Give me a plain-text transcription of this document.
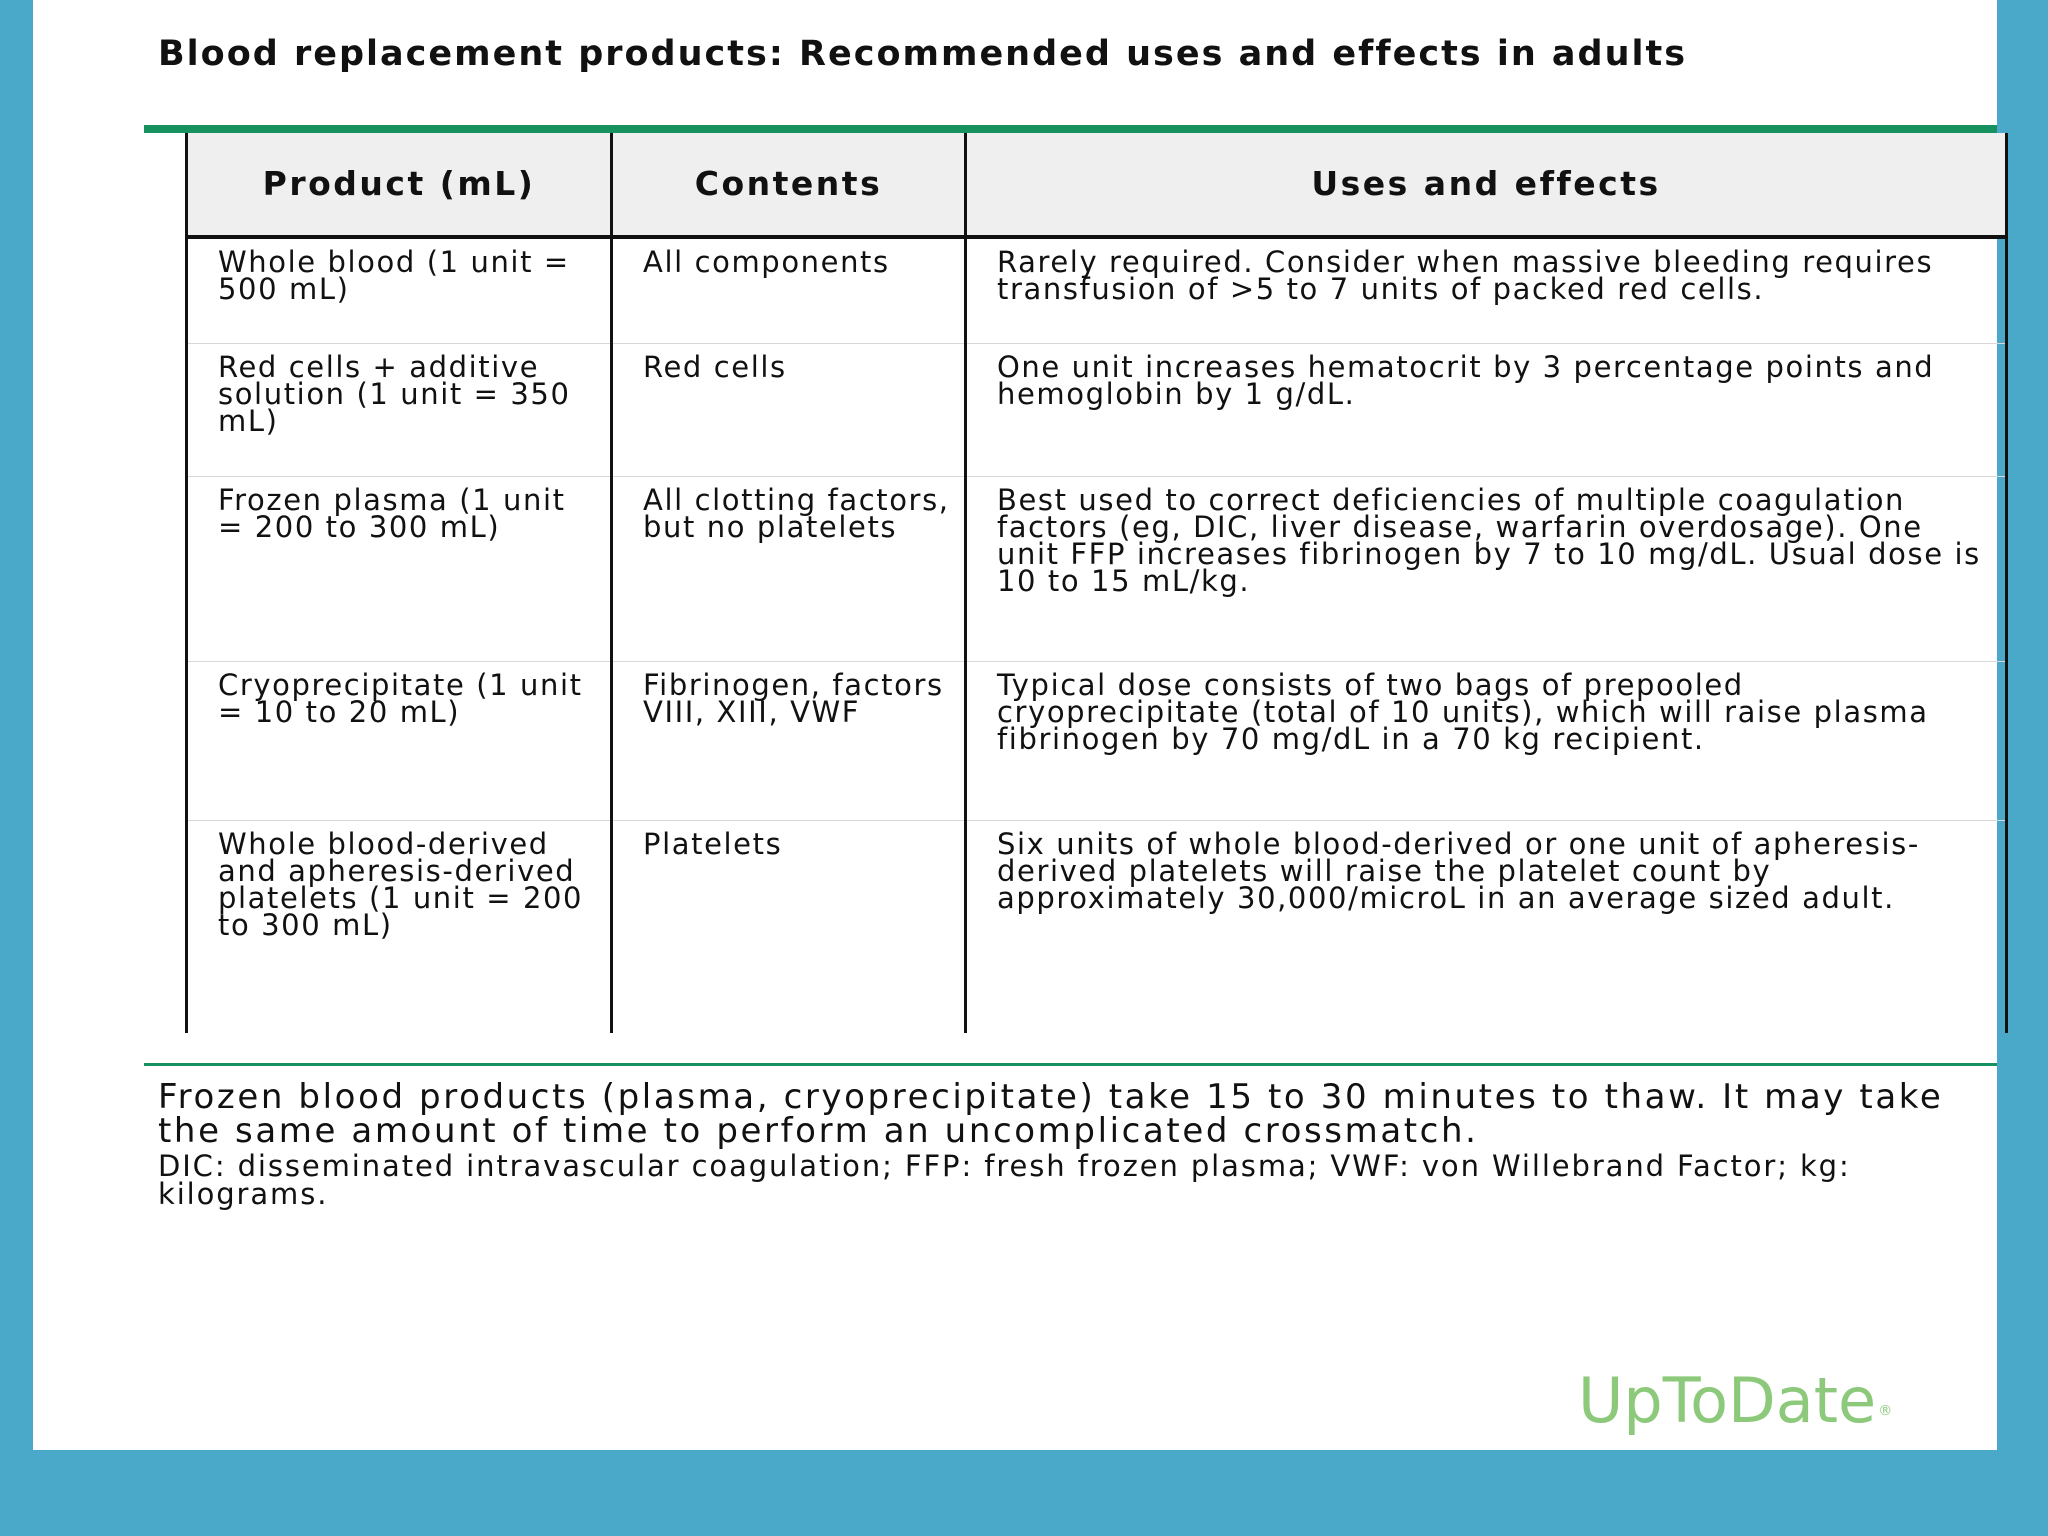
Blood replacement products: Recommended uses and effects in adults
Product (mL)	Contents	Uses and effects
Whole blood (1 unit = 500 mL)	All components	Rarely required. Consider when massive bleeding requires transfusion of >5 to 7 units of packed red cells.
Red cells + additive solution (1 unit = 350 mL)	Red cells	One unit increases hematocrit by 3 percentage points and hemoglobin by 1 g/dL.
Frozen plasma (1 unit = 200 to 300 mL)	All clotting factors, but no platelets	Best used to correct deficiencies of multiple coagulation factors (eg, DIC, liver disease, warfarin overdosage). One unit FFP increases fibrinogen by 7 to 10 mg/dL. Usual dose is 10 to 15 mL/kg.
Cryoprecipitate (1 unit = 10 to 20 mL)	Fibrinogen, factors VIII, XIII, VWF	Typical dose consists of two bags of prepooled cryoprecipitate (total of 10 units), which will raise plasma fibrinogen by 70 mg/dL in a 70 kg recipient.
Whole blood-derived and apheresis-derived platelets (1 unit = 200 to 300 mL)	Platelets	Six units of whole blood-derived or one unit of apheresis-derived platelets will raise the platelet count by approximately 30,000/microL in an average sized adult.

Frozen blood products (plasma, cryoprecipitate) take 15 to 30 minutes to thaw. It may take the same amount of time to perform an uncomplicated crossmatch.

DIC: disseminated intravascular coagulation; FFP: fresh frozen plasma; VWF: von Willebrand Factor; kg: kilograms.

UpToDate ®
